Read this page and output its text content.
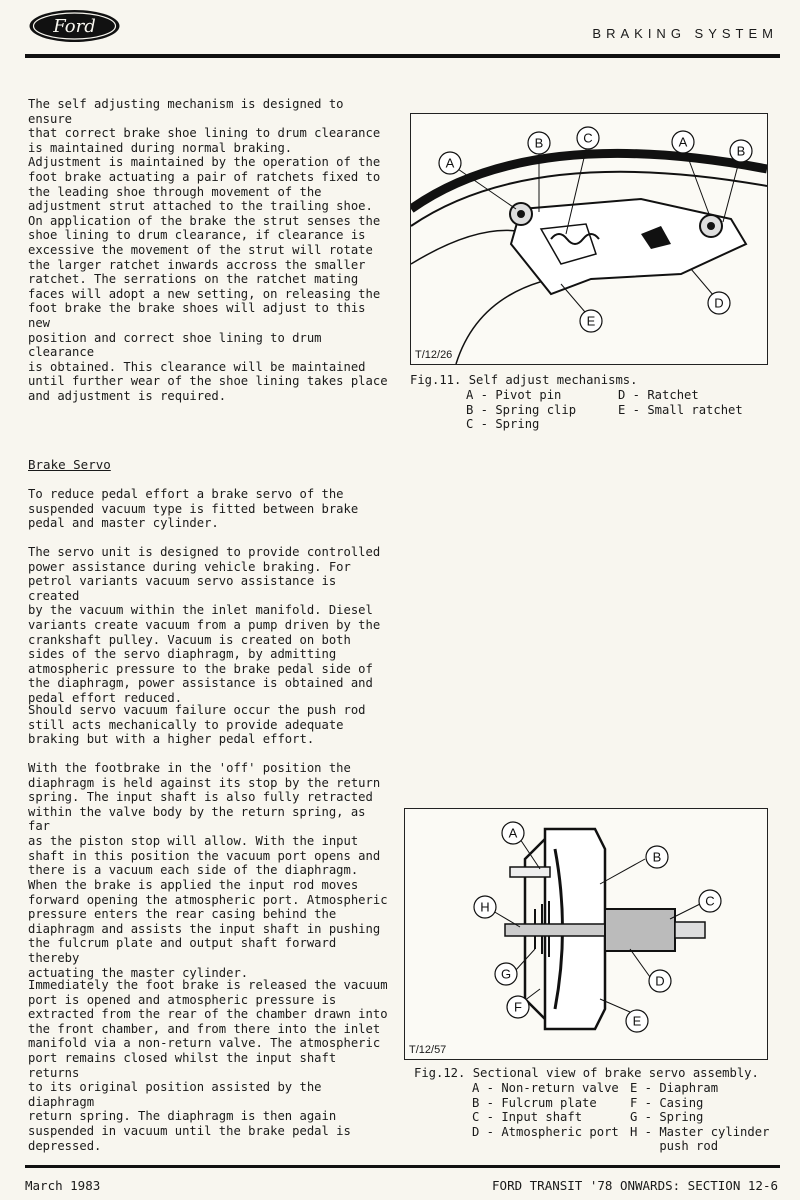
Ford	BRAKING SYSTEM

The self adjusting mechanism is designed to ensure
that correct brake shoe lining to drum clearance
is maintained during normal braking.
Adjustment is maintained by the operation of the
foot brake actuating a pair of ratchets fixed to
the leading shoe through movement of the
adjustment strut attached to the trailing shoe.
On application of the brake the strut senses the
shoe lining to drum clearance, if clearance is
excessive the movement of the strut will rotate
the larger ratchet inwards accross the smaller
ratchet. The serrations on the ratchet mating
faces will adopt a new setting, on releasing the
foot brake the brake shoes will adjust to this new
position and correct shoe lining to drum clearance
is obtained. This clearance will be maintained
until further wear of the shoe lining takes place
and adjustment is required.

Brake Servo

To reduce pedal effort a brake servo of the
suspended vacuum type is fitted between brake
pedal and master cylinder.

The servo unit is designed to provide controlled
power assistance during vehicle braking. For
petrol variants vacuum servo assistance is created
by the vacuum within the inlet manifold. Diesel
variants create vacuum from a pump driven by the
crankshaft pulley. Vacuum is created on both
sides of the servo diaphragm, by admitting
atmospheric pressure to the brake pedal side of
the diaphragm, power assistance is obtained and
pedal effort reduced.

Should servo vacuum failure occur the push rod
still acts mechanically to provide adequate
braking but with a higher pedal effort.

With the footbrake in the 'off' position the
diaphragm is held against its stop by the return
spring. The input shaft is also fully retracted
within the valve body by the return spring, as far
as the piston stop will allow. With the input
shaft in this position the vacuum port opens and
there is a vacuum each side of the diaphragm.

When the brake is applied the input rod moves
forward opening the atmospheric port. Atmospheric
pressure enters the rear casing behind the
diaphragm and assists the input shaft in pushing
the fulcrum plate and output shaft forward thereby
actuating the master cylinder.

Immediately the foot brake is released the vacuum
port is opened and atmospheric pressure is
extracted from the rear of the chamber drawn into
the front chamber, and from there into the inlet
manifold via a non-return valve. The atmospheric
port remains closed whilst the input shaft returns
to its original position assisted by the diaphragm
return spring. The diaphragm is then again
suspended in vacuum until the brake pedal is
depressed.

A
B	C	A
B
D
E
T/12/26
Fig.11. Self adjust mechanisms.
A - Pivot pin	D - Ratchet
B - Spring clip	E - Small ratchet
C - Spring
A
B
C
H
D
G
F
E
T/12/57
Fig.12. Sectional view of brake servo assembly.
A - Non-return valve E - Diaphram
B - Fulcrum plate	F - Casing
C - Input shaft	G - Spring
D - Atmospheric port H - Master cylinder
push rod
March 1983	FORD TRANSIT '78 ONWARDS: SECTION 12-6
